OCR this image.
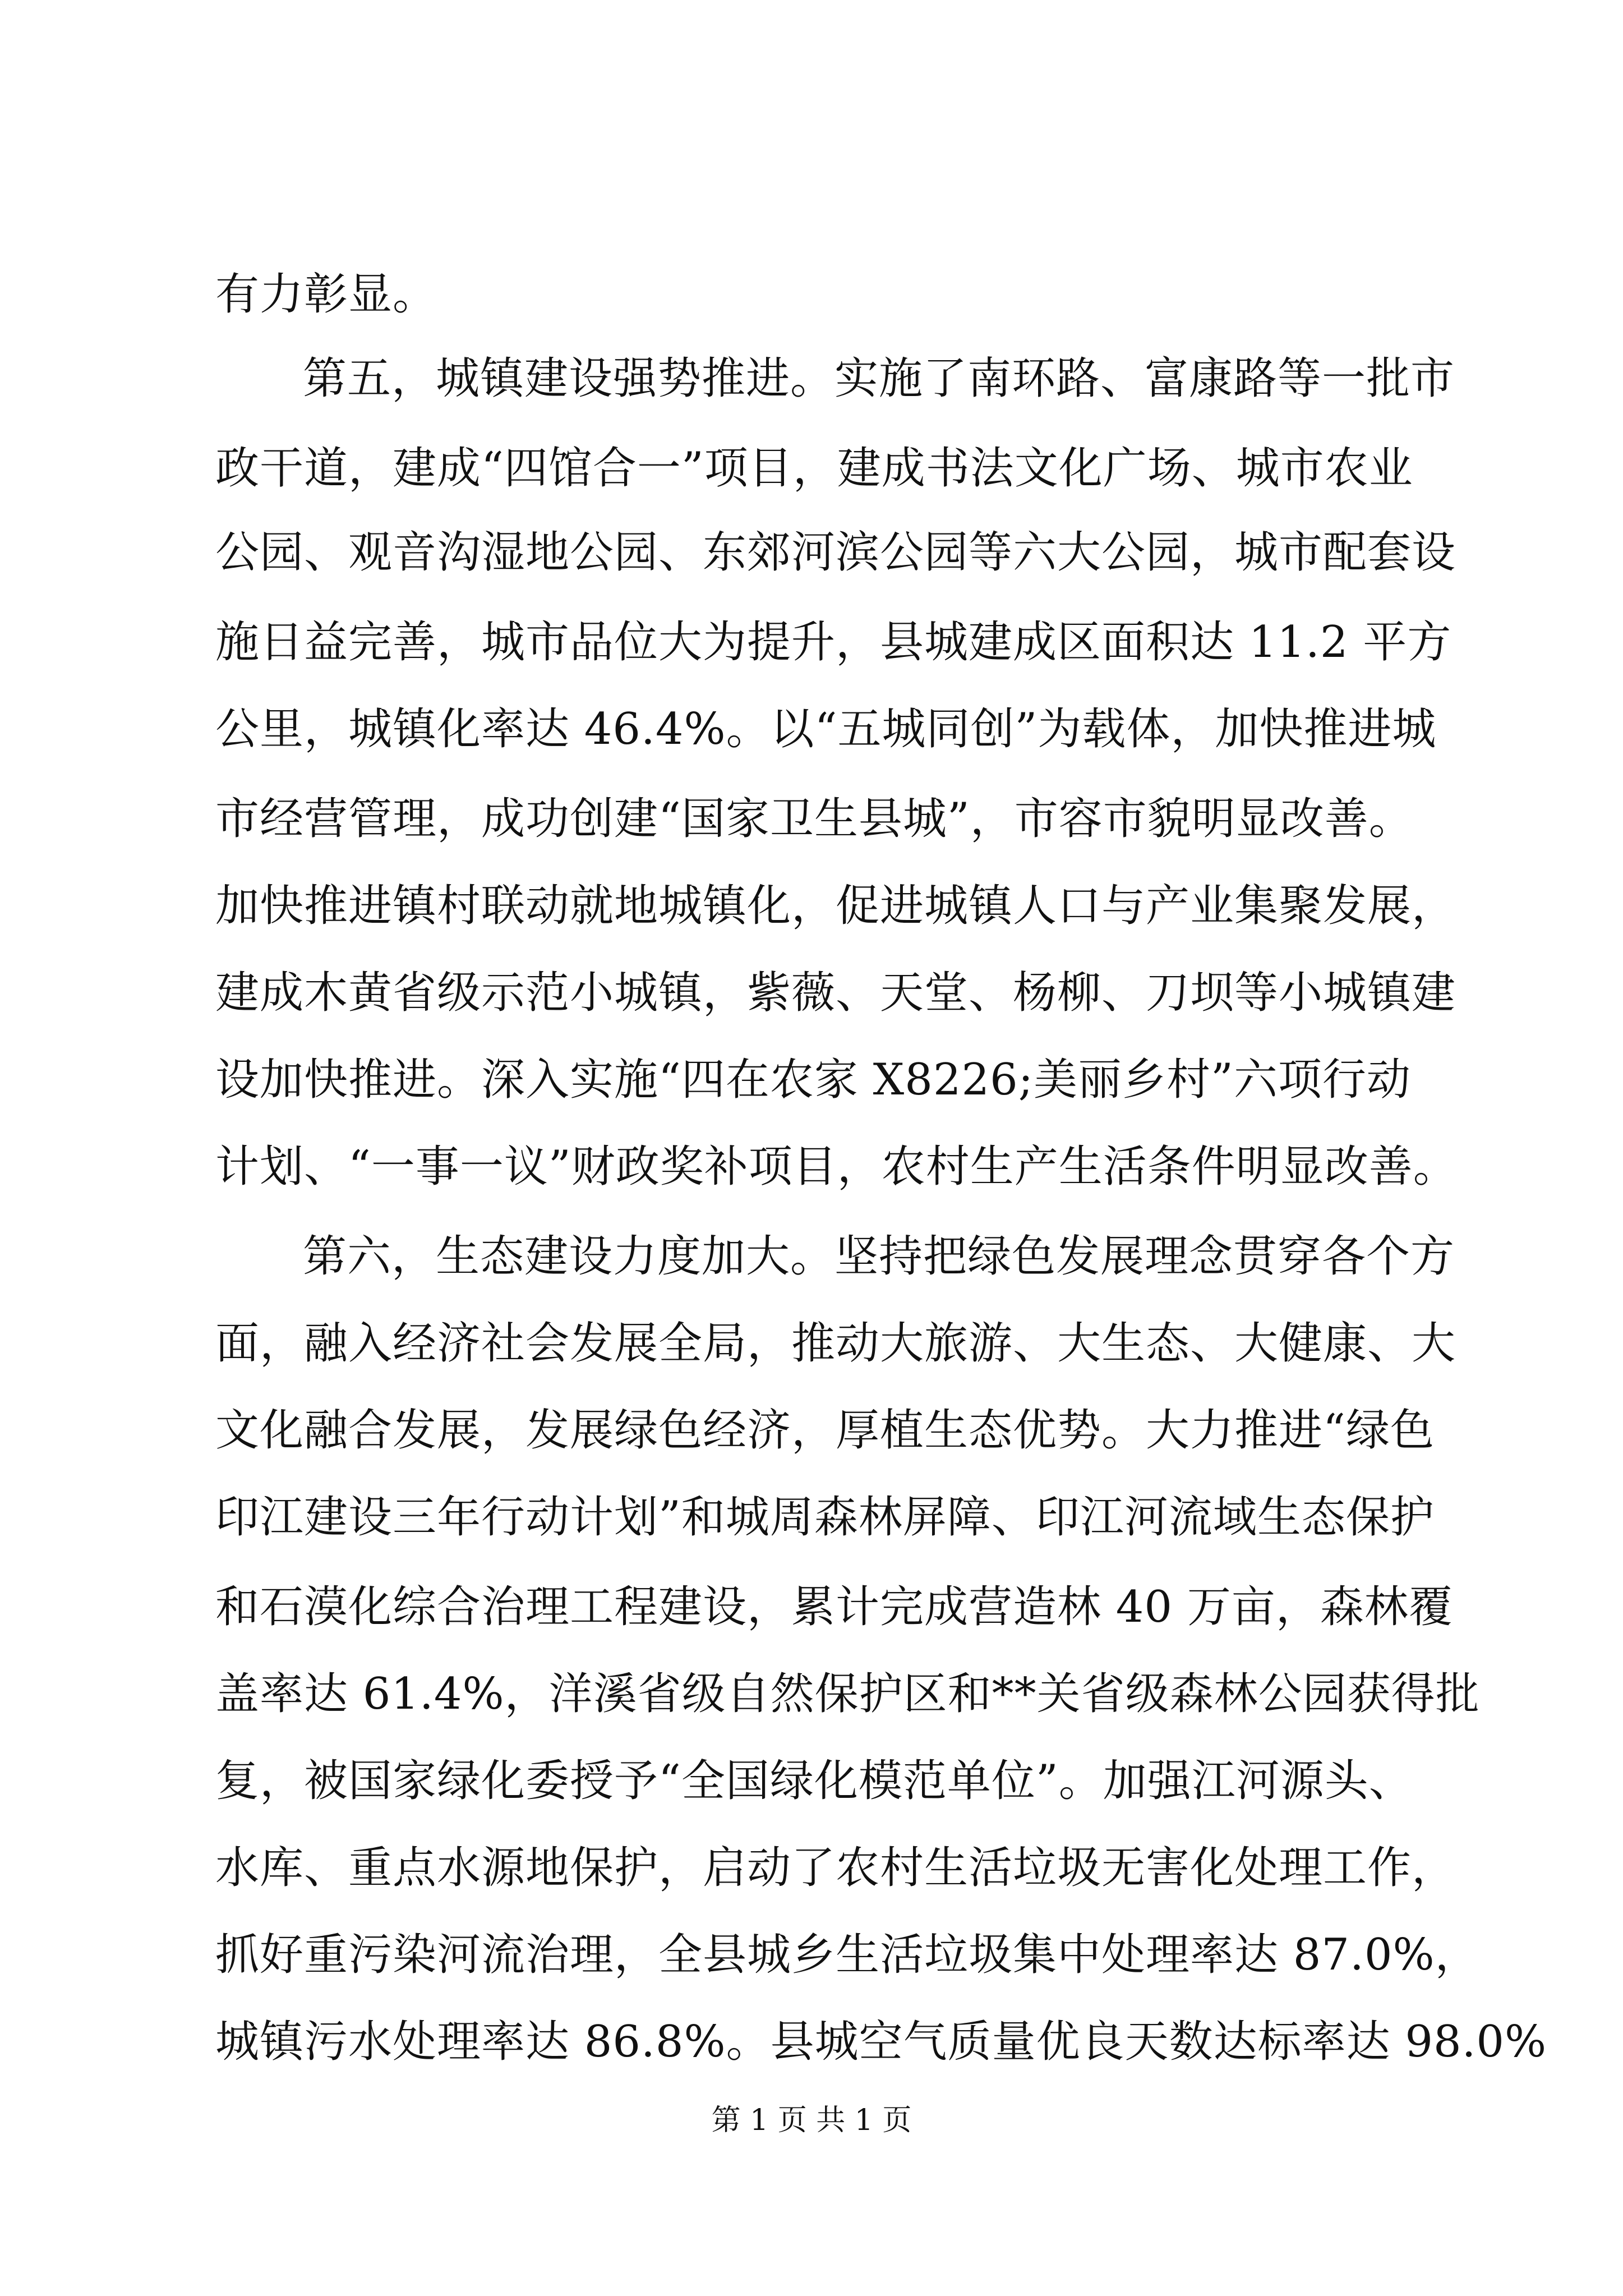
有力彰显。
第五，城镇建设强势推进。实施了南环路、富康路等一批市
政干道，建成“四馆合一”项目，建成书法文化广场、城市农业
公园、观音沟湿地公园、东郊河滨公园等六大公园，城市配套设
施日益完善，城市品位大为提升，县城建成区面积达 11.2 平方
公里，城镇化率达 46.4%。以“五城同创”为载体，加快推进城
市经营管理，成功创建“国家卫生县城”，市容市貌明显改善。
加快推进镇村联动就地城镇化，促进城镇人口与产业集聚发展，
建成木黄省级示范小城镇，紫薇、天堂、杨柳、刀坝等小城镇建
设加快推进。深入实施“四在农家 X8226;美丽乡村”六项行动
计划、“一事一议”财政奖补项目，农村生产生活条件明显改善。
第六，生态建设力度加大。坚持把绿色发展理念贯穿各个方
面，融入经济社会发展全局，推动大旅游、大生态、大健康、大
文化融合发展，发展绿色经济，厚植生态优势。大力推进“绿色
印江建设三年行动计划”和城周森林屏障、印江河流域生态保护
和石漠化综合治理工程建设，累计完成营造林 40 万亩，森林覆
盖率达 61.4%，洋溪省级自然保护区和**关省级森林公园获得批
复，被国家绿化委授予“全国绿化模范单位”。加强江河源头、
水库、重点水源地保护，启动了农村生活垃圾无害化处理工作，
抓好重污染河流治理，全县城乡生活垃圾集中处理率达 87.0%，
城镇污水处理率达 86.8%。县城空气质量优良天数达标率达 98.0%
第 1 页 共 1 页
